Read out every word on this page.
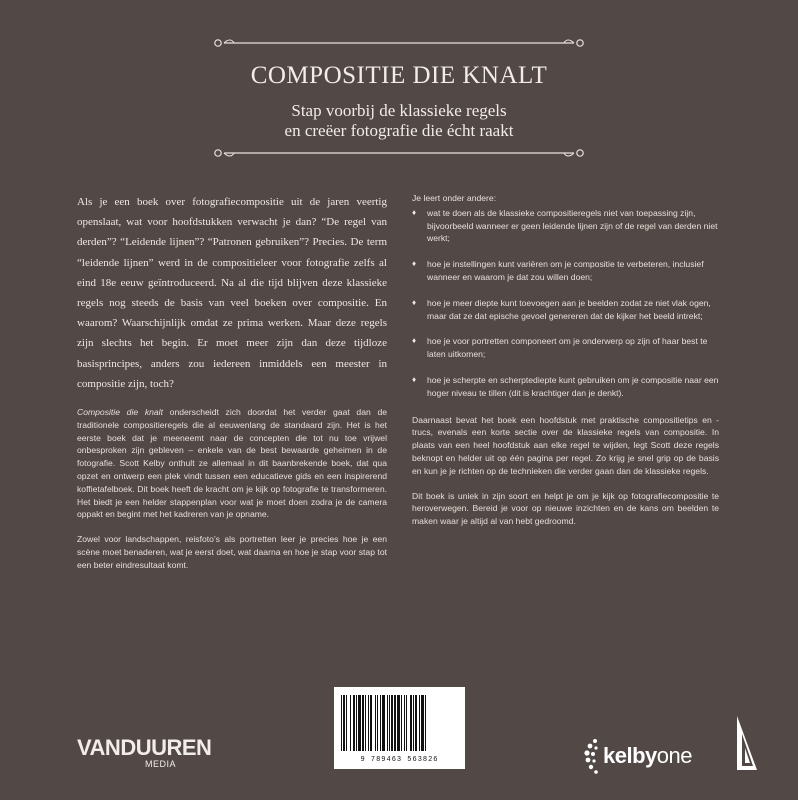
COMPOSITIE DIE KNALT
Stap voorbij de klassieke regels
en creëer fotografie die écht raakt

Als je een boek over fotografiecompositie uit de jaren veertig openslaat, wat voor hoofdstukken verwacht je dan? “De regel van derden”? “Leidende lijnen”? “Patronen gebruiken”? Precies. De term “leidende lijnen” werd in de compositieleer voor fotografie zelfs al eind 18e eeuw geïntroduceerd. Na al die tijd blijven deze klassieke regels nog steeds de basis van veel boeken over compositie. En waarom? Waarschijnlijk omdat ze prima werken. Maar deze regels zijn slechts het begin. Er moet meer zijn dan deze tijdloze basisprincipes, anders zou iedereen inmiddels een meester in compositie zijn, toch?

Compositie die knalt onderscheidt zich doordat het verder gaat dan de traditionele compositieregels die al eeuwenlang de standaard zijn. Het is het eerste boek dat je meeneemt naar de concepten die tot nu toe vrijwel onbesproken zijn gebleven – enkele van de best bewaarde geheimen in de fotografie. Scott Kelby onthult ze allemaal in dit baanbrekende boek, dat qua opzet en ontwerp een plek vindt tussen een educatieve gids en een inspirerend koffietafelboek. Dit boek heeft de kracht om je kijk op fotografie te transformeren. Het biedt je een helder stappenplan voor wat je moet doen zodra je de camera oppakt en begint met het kadreren van je opname.

Zowel voor landschappen, reisfoto’s als portretten leer je precies hoe je een scène moet benaderen, wat je eerst doet, wat daarna en hoe je stap voor stap tot een beter eindresultaat komt.

Je leert onder andere:

♦ wat te doen als de klassieke compositieregels niet van toepassing zijn, bijvoorbeeld wanneer er geen leidende lijnen zijn of de regel van derden niet werkt;
♦ hoe je instellingen kunt variëren om je compositie te verbeteren, inclusief wanneer en waarom je dat zou willen doen;
♦ hoe je meer diepte kunt toevoegen aan je beelden zodat ze niet vlak ogen, maar dat ze dat epische gevoel genereren dat de kijker het beeld intrekt;
♦ hoe je voor portretten componeert om je onderwerp op zijn of haar best te laten uitkomen;
♦ hoe je scherpte en scherptediepte kunt gebruiken om je compositie naar een hoger niveau te tillen (dit is krachtiger dan je denkt).

Daarnaast bevat het boek een hoofdstuk met praktische compositietips en -trucs, evenals een korte sectie over de klassieke regels van compositie. In plaats van een heel hoofdstuk aan elke regel te wijden, legt Scott deze regels beknopt en helder uit op één pagina per regel. Zo krijg je snel grip op de basis en kun je je richten op de technieken die verder gaan dan de klassieke regels.

Dit boek is uniek in zijn soort en helpt je om je kijk op fotografiecompositie te heroverwegen. Bereid je voor op nieuwe inzichten en de kans om beelden te maken waar je altijd al van hebt gedroomd.

9 789463 563826
VANDUUREN
MEDIA	kelbyone
